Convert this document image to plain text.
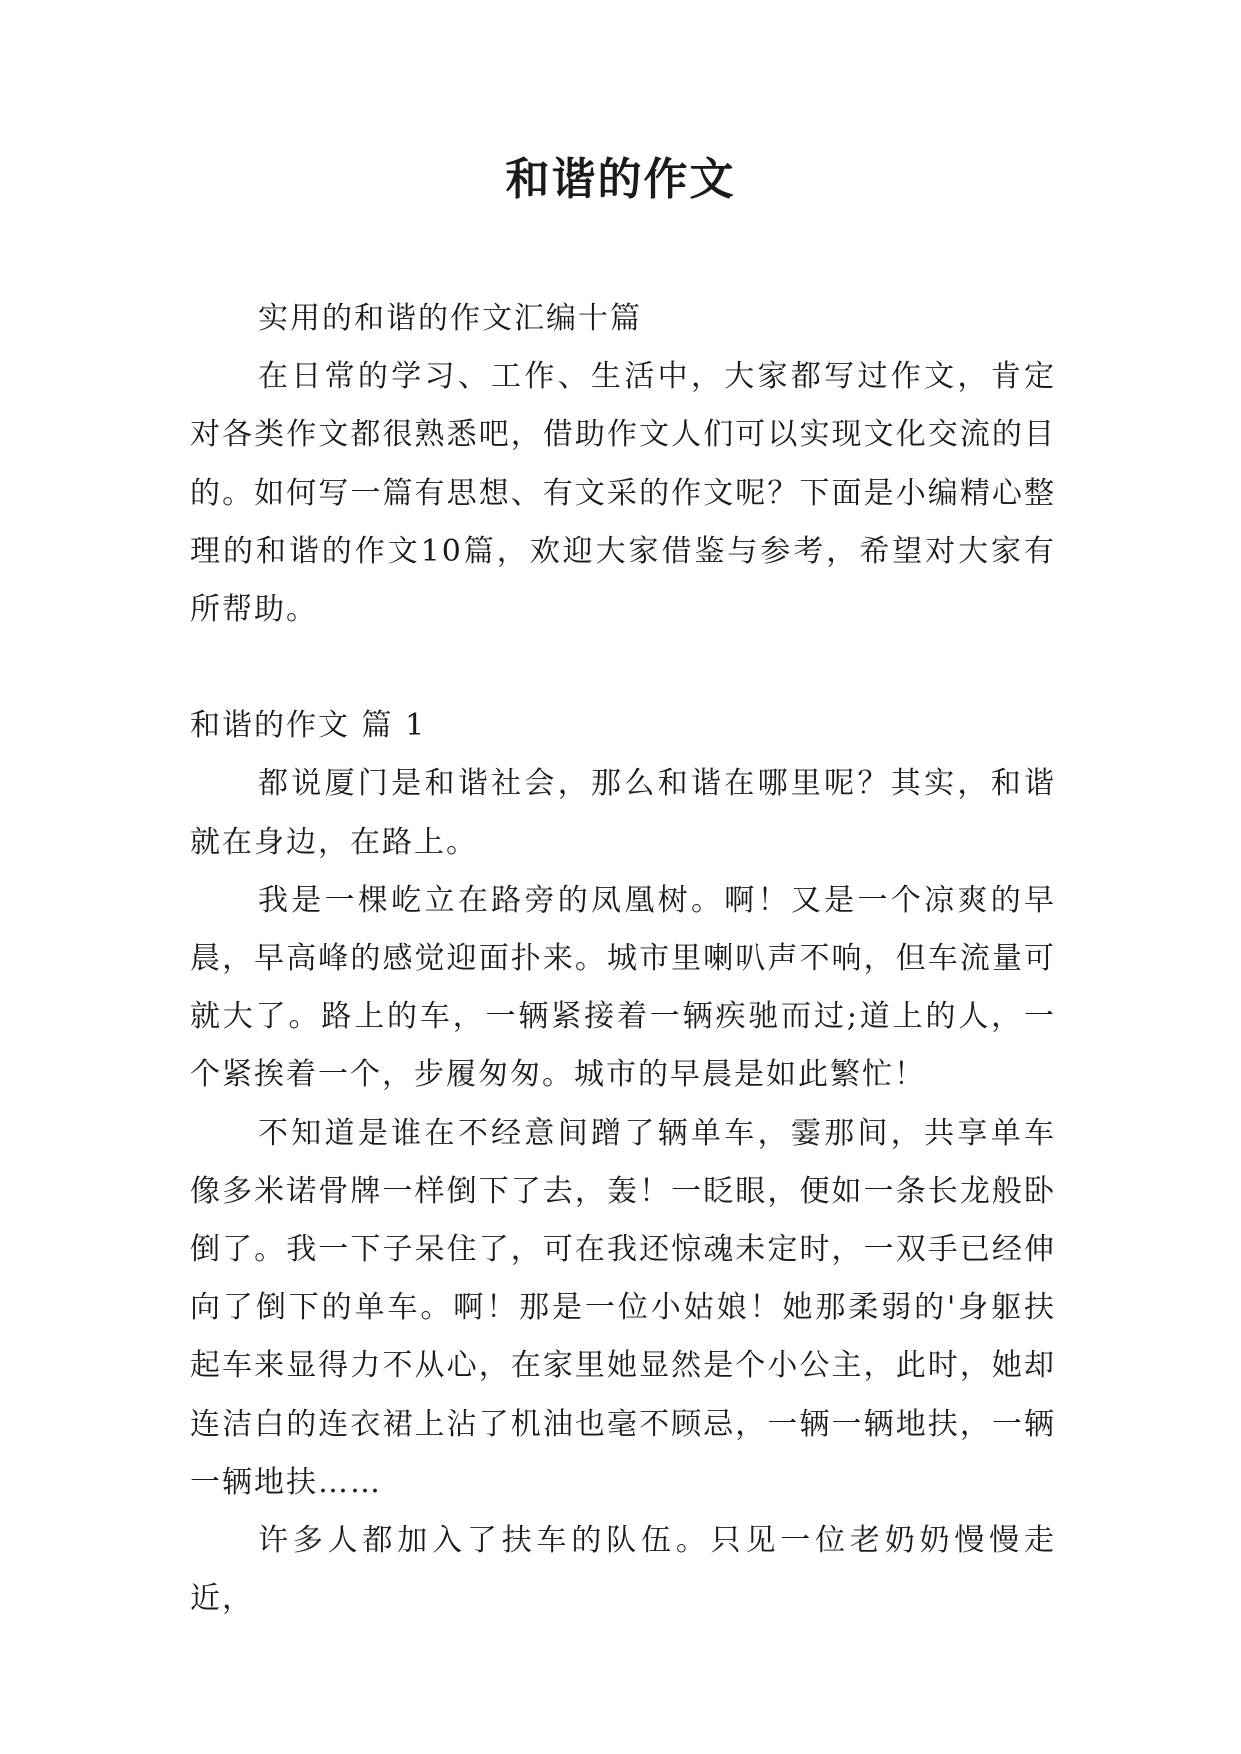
和谐的作文

实用的和谐的作文汇编十篇

在日常的学习、工作、生活中，大家都写过作文，肯定对各类作文都很熟悉吧，借助作文人们可以实现文化交流的目的。如何写一篇有思想、有文采的作文呢？下面是小编精心整理的和谐的作文10篇，欢迎大家借鉴与参考，希望对大家有所帮助。

和谐的作文 篇 1

都说厦门是和谐社会，那么和谐在哪里呢？其实，和谐就在身边，在路上。

我是一棵屹立在路旁的凤凰树。啊！又是一个凉爽的早晨，早高峰的感觉迎面扑来。城市里喇叭声不响，但车流量可就大了。路上的车，一辆紧接着一辆疾驰而过;道上的人，一个紧挨着一个，步履匆匆。城市的早晨是如此繁忙！

不知道是谁在不经意间蹭了辆单车，霎那间，共享单车像多米诺骨牌一样倒下了去，轰！一眨眼，便如一条长龙般卧倒了。我一下子呆住了，可在我还惊魂未定时，一双手已经伸向了倒下的单车。啊！那是一位小姑娘！她那柔弱的'身躯扶起车来显得力不从心，在家里她显然是个小公主，此时，她却连洁白的连衣裙上沾了机油也毫不顾忌，一辆一辆地扶，一辆一辆地扶……

许多人都加入了扶车的队伍。只见一位老奶奶慢慢走近，
